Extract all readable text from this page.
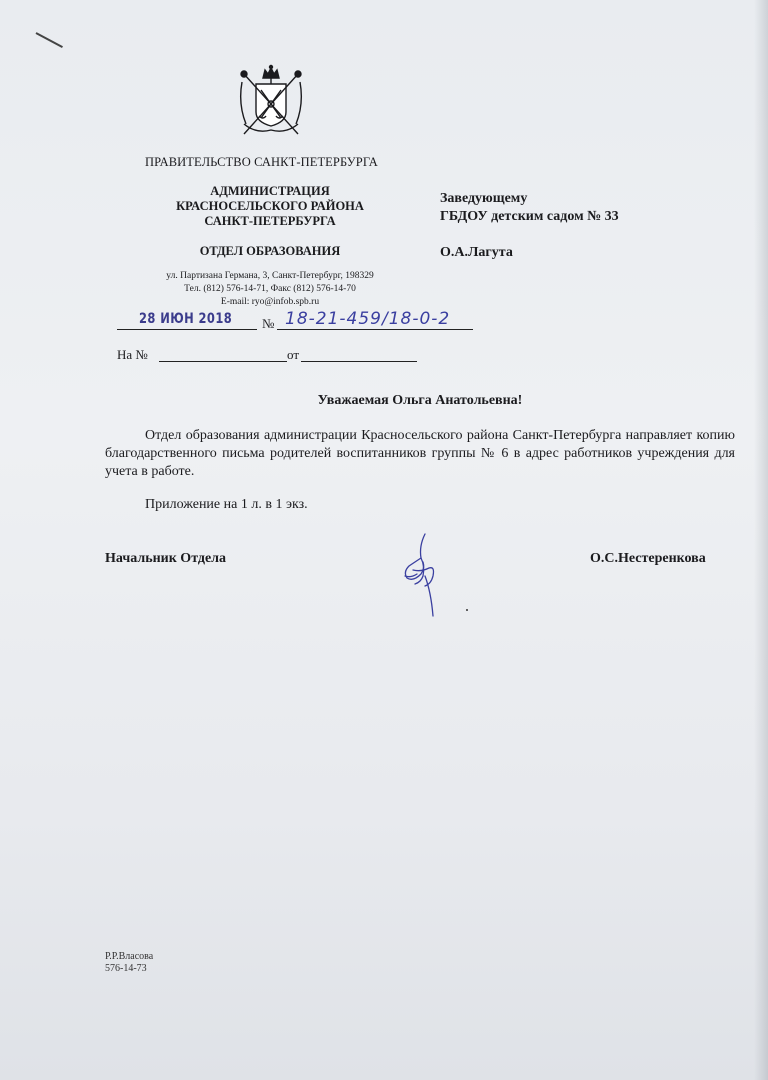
ПРАВИТЕЛЬСТВО САНКТ-ПЕТЕРБУРГА
АДМИНИСТРАЦИЯ
КРАСНОСЕЛЬСКОГО РАЙОНА
САНКТ-ПЕТЕРБУРГА
ОТДЕЛ ОБРАЗОВАНИЯ
ул. Партизана Германа, 3, Санкт-Петербург, 198329
Тел. (812) 576-14-71, Факс (812) 576-14-70
E-mail: ryo@infob.spb.ru
Заведующему
ГБДОУ детским садом № 33
О.А.Лагута
28 ИЮН 2018 № 18-21-459/18-0-2
На №	от
Уважаемая Ольга Анатольевна!
Отдел образования администрации Красносельского района Санкт-Петербурга направляет копию благодарственного письма родителей воспитанников группы № 6 в адрес работников учреждения для учета в работе.
Приложение на 1 л. в 1 экз.
Начальник Отдела	О.С.Нестеренкова
Р.Р.Власова
576-14-73
